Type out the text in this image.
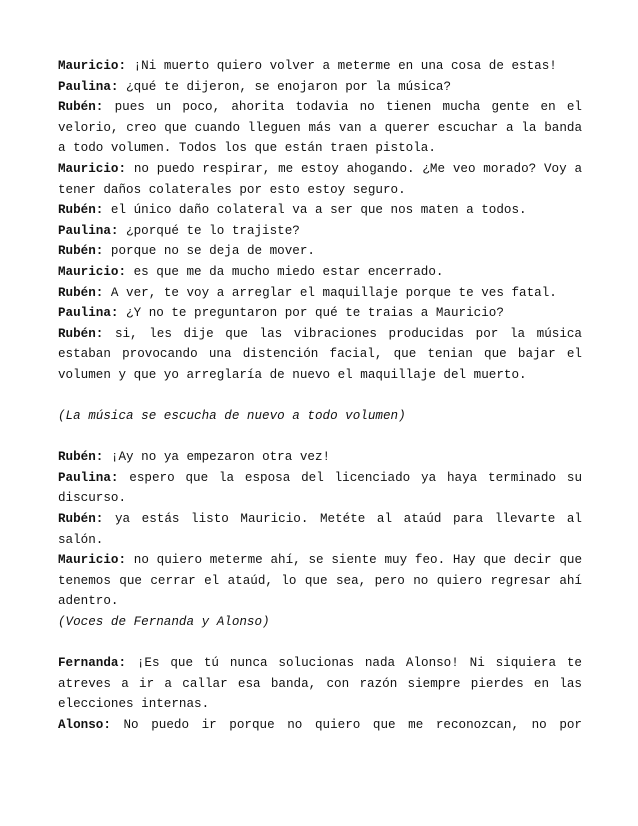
Mauricio: ¡Ni muerto quiero volver a meterme en una cosa de estas!
Paulina: ¿qué te dijeron, se enojaron por la música?
Rubén: pues un poco, ahorita todavia no tienen mucha gente en el
velorio, creo que cuando lleguen más van a querer escuchar a la banda
a todo volumen. Todos los que están traen pistola.
Mauricio: no puedo respirar, me estoy ahogando. ¿Me veo morado? Voy a
tener daños colaterales por esto estoy seguro.
Rubén: el único daño colateral va a ser que nos maten a todos.
Paulina: ¿porqué te lo trajiste?
Rubén: porque no se deja de mover.
Mauricio: es que me da mucho miedo estar encerrado.
Rubén: A ver, te voy a arreglar el maquillaje porque te ves fatal.
Paulina: ¿Y no te preguntaron por qué te traias a Mauricio?
Rubén: si, les dije que las vibraciones producidas por la música
estaban provocando una distención facial, que tenian que bajar el
volumen y que yo arreglaría de nuevo el maquillaje del muerto.
(La música se escucha de nuevo a todo volumen)
Rubén: ¡Ay no ya empezaron otra vez!
Paulina: espero que la esposa del licenciado ya haya terminado su
discurso.
Rubén: ya estás listo Mauricio. Metéte al ataúd para llevarte al
salón.
Mauricio: no quiero meterme ahí, se siente muy feo. Hay que decir que
tenemos que cerrar el ataúd, lo que sea, pero no quiero regresar ahí
adentro.
(Voces de Fernanda y Alonso)
Fernanda: ¡Es que tú nunca solucionas nada Alonso! Ni siquiera te
atreves a ir a callar esa banda, con razón siempre pierdes en las
elecciones internas.
Alonso: No puedo ir porque no quiero que me reconozcan, no por
